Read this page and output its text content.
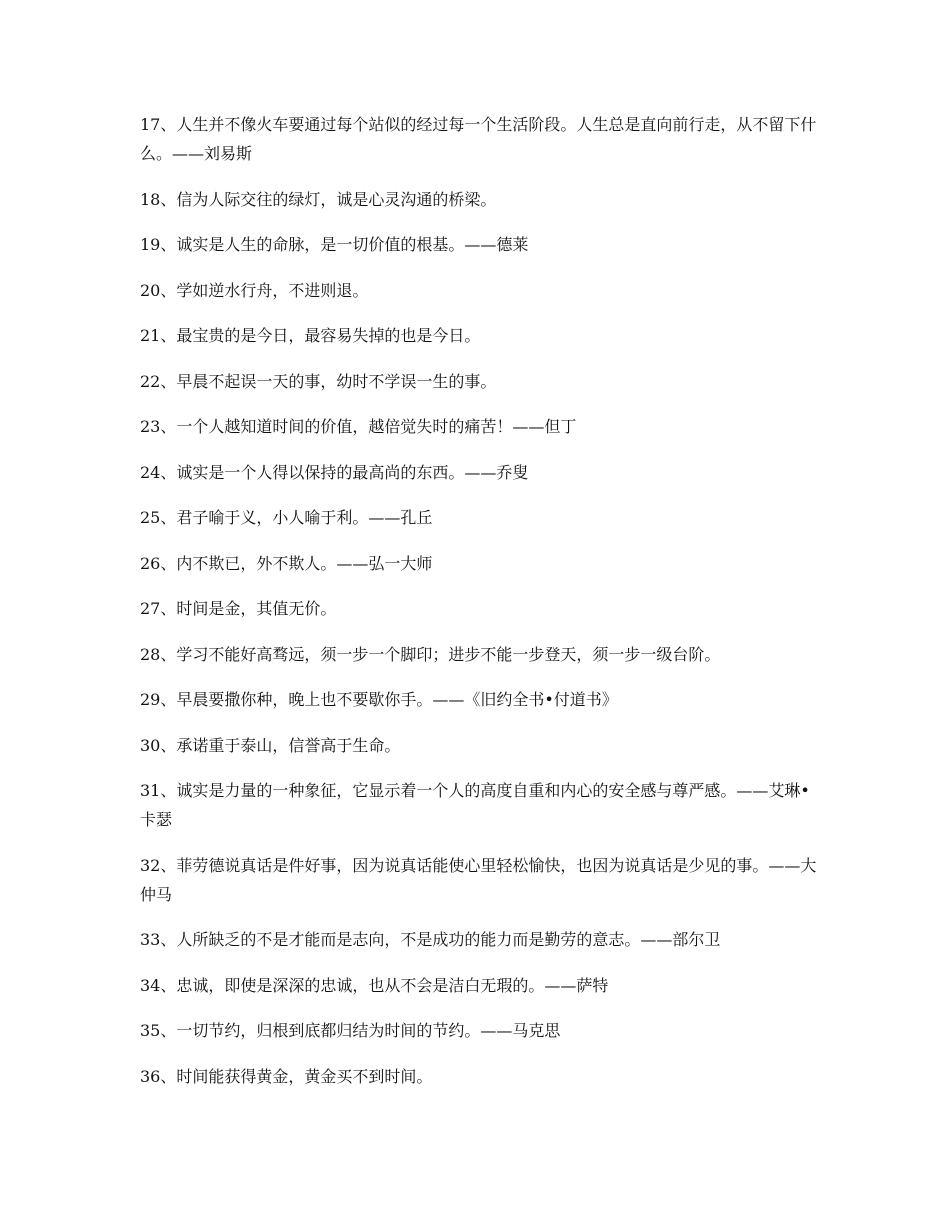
17、人生并不像火车要通过每个站似的经过每一个生活阶段。人生总是直向前行走，从不留下什么。——刘易斯
18、信为人际交往的绿灯，诚是心灵沟通的桥梁。
19、诚实是人生的命脉，是一切价值的根基。——德莱
20、学如逆水行舟，不进则退。
21、最宝贵的是今日，最容易失掉的也是今日。
22、早晨不起误一天的事，幼时不学误一生的事。
23、一个人越知道时间的价值，越倍觉失时的痛苦！——但丁
24、诚实是一个人得以保持的最高尚的东西。——乔叟
25、君子喻于义，小人喻于利。——孔丘
26、内不欺已，外不欺人。——弘一大师
27、时间是金，其值无价。
28、学习不能好高骛远，须一步一个脚印；进步不能一步登天，须一步一级台阶。
29、早晨要撒你种，晚上也不要歇你手。——《旧约全书•付道书》
30、承诺重于泰山，信誉高于生命。
31、诚实是力量的一种象征，它显示着一个人的高度自重和内心的安全感与尊严感。——艾琳•卡瑟
32、菲劳德说真话是件好事，因为说真话能使心里轻松愉快，也因为说真话是少见的事。——大仲马
33、人所缺乏的不是才能而是志向，不是成功的能力而是勤劳的意志。——部尔卫
34、忠诚，即使是深深的忠诚，也从不会是洁白无瑕的。——萨特
35、一切节约，归根到底都归结为时间的节约。——马克思
36、时间能获得黄金，黄金买不到时间。
